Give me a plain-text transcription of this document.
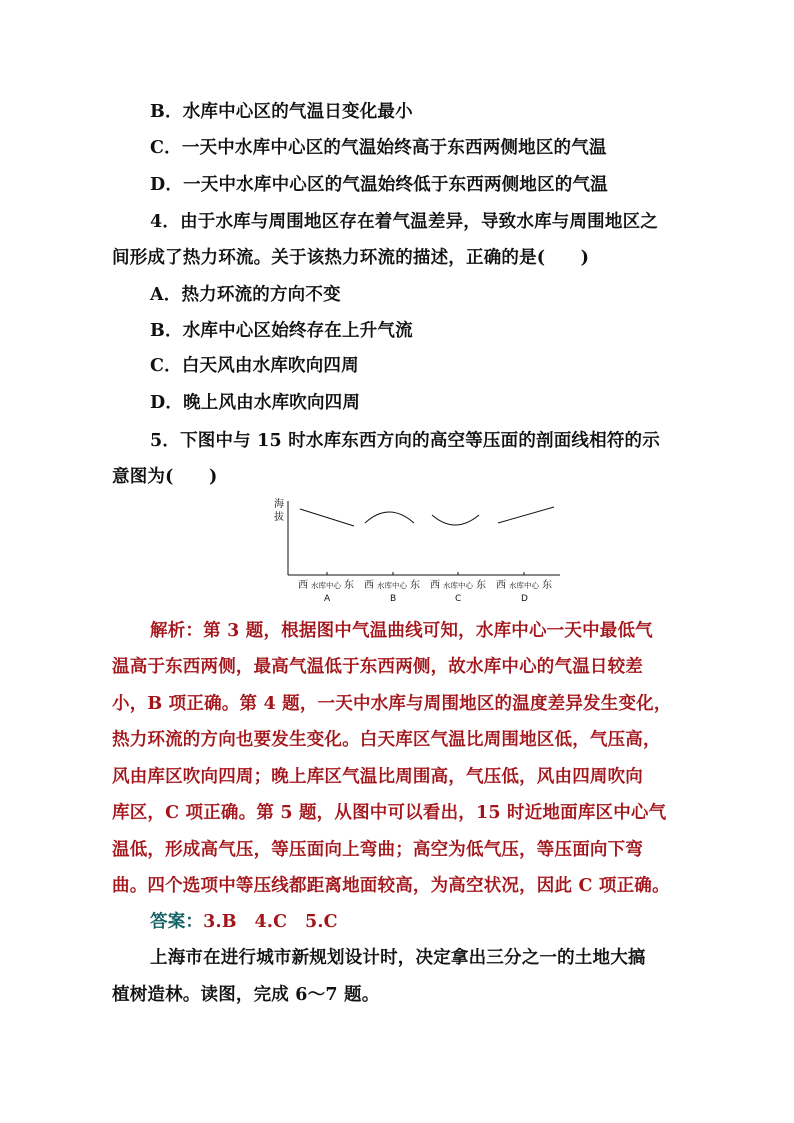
B．水库中心区的气温日变化最小
C．一天中水库中心区的气温始终高于东西两侧地区的气温
D．一天中水库中心区的气温始终低于东西两侧地区的气温
4．由于水库与周围地区存在着气温差异，导致水库与周围地区之
间形成了热力环流。关于该热力环流的描述，正确的是(　　)
A．热力环流的方向不变
B．水库中心区始终存在上升气流
C．白天风由水库吹向四周
D．晚上风由水库吹向四周
5．下图中与 15 时水库东西方向的高空等压面的剖面线相符的示
意图为(　　)
海
拔
西 水库中心 东
A
西 水库中心 东
B
西 水库中心 东
C
西 水库中心 东
D
解析：第 3 题，根据图中气温曲线可知，水库中心一天中最低气
温高于东西两侧，最高气温低于东西两侧，故水库中心的气温日较差
小，B 项正确。第 4 题，一天中水库与周围地区的温度差异发生变化，
热力环流的方向也要发生变化。白天库区气温比周围地区低，气压高，
风由库区吹向四周；晚上库区气温比周围高，气压低，风由四周吹向
库区，C 项正确。第 5 题，从图中可以看出，15 时近地面库区中心气
温低，形成高气压，等压面向上弯曲；高空为低气压，等压面向下弯
曲。四个选项中等压线都距离地面较高，为高空状况，因此 C 项正确。
答案：3.B　4.C　5.C
上海市在进行城市新规划设计时，决定拿出三分之一的土地大搞
植树造林。读图，完成 6～7 题。
